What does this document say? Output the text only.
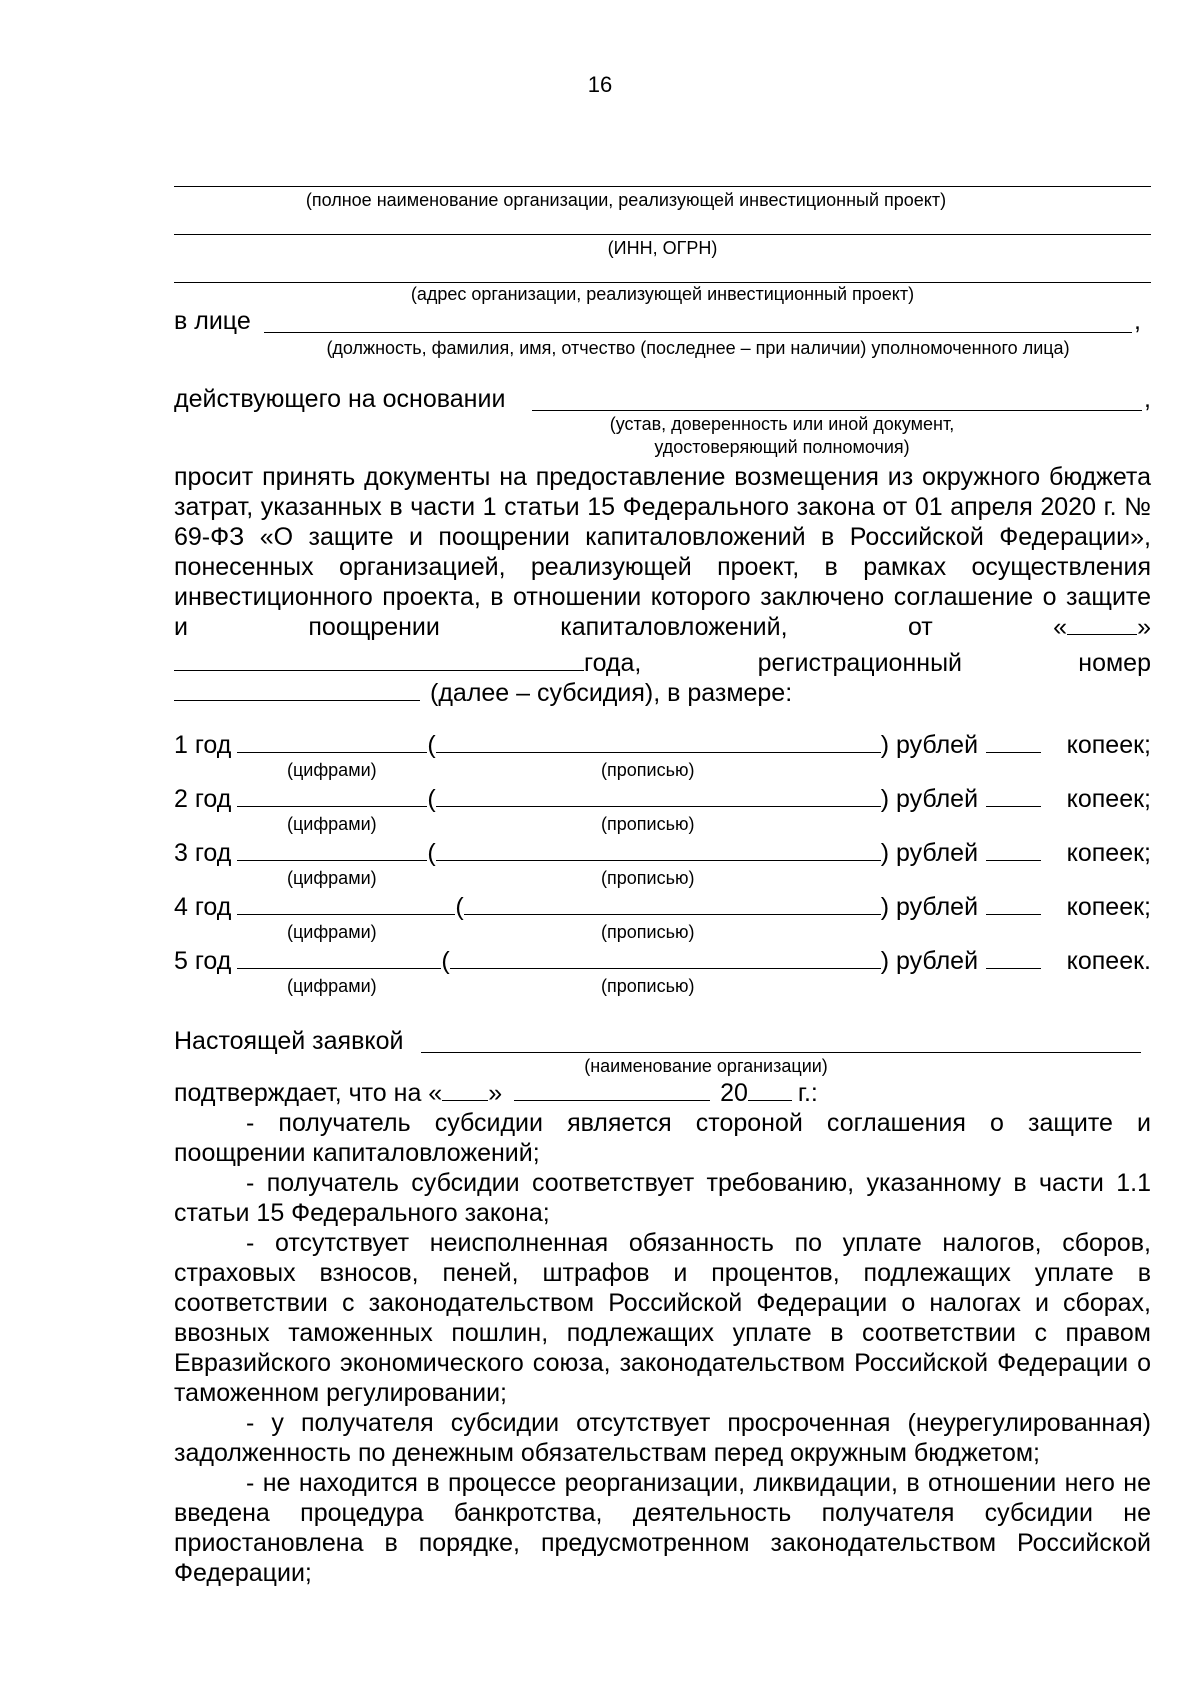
16
(полное наименование организации, реализующей инвестиционный проект)
(ИНН, ОГРН)
(адрес организации, реализующей инвестиционный проект)
в лице	,
(должность, фамилия, имя, отчество (последнее – при наличии) уполномоченного лица)
действующего на основании	,
(устав, доверенность или иной документ,
удостоверяющий полномочия)
просит принять документы на предоставление возмещения из окружного бюджета затрат, указанных в части 1 статьи 15 Федерального закона от 01 апреля 2020 г. № 69-ФЗ «О защите и поощрении капиталовложений в Российской Федерации», понесенных организацией, реализующей проект, в рамках осуществления инвестиционного проекта, в отношении которого заключено соглашение о защите и поощрении капиталовложений, от «	»
года,	регистрационный	номер
(далее – субсидия), в размере:
1 год	(	) рублей	копеек;
(цифрами)	(прописью)
2 год	(	) рублей	копеек;
(цифрами)	(прописью)
3 год	(	) рублей	копеек;
(цифрами)	(прописью)
4 год	(	) рублей	копеек;
(цифрами)	(прописью)
5 год	(	) рублей	копеек.
(цифрами)	(прописью)
Настоящей заявкой
(наименование организации)
подтверждает, что на « »	20 г.:
- получатель субсидии является стороной соглашения о защите и поощрении капиталовложений;
- получатель субсидии соответствует требованию, указанному в части 1.1 статьи 15 Федерального закона;
- отсутствует неисполненная обязанность по уплате налогов, сборов, страховых взносов, пеней, штрафов и процентов, подлежащих уплате в соответствии с законодательством Российской Федерации о налогах и сборах, ввозных таможенных пошлин, подлежащих уплате в соответствии с правом Евразийского экономического союза, законодательством Российской Федерации о таможенном регулировании;
- у получателя субсидии отсутствует просроченная (неурегулированная) задолженность по денежным обязательствам перед окружным бюджетом;
- не находится в процессе реорганизации, ликвидации, в отношении него не введена процедура банкротства, деятельность получателя субсидии не приостановлена в порядке, предусмотренном законодательством Российской Федерации;
